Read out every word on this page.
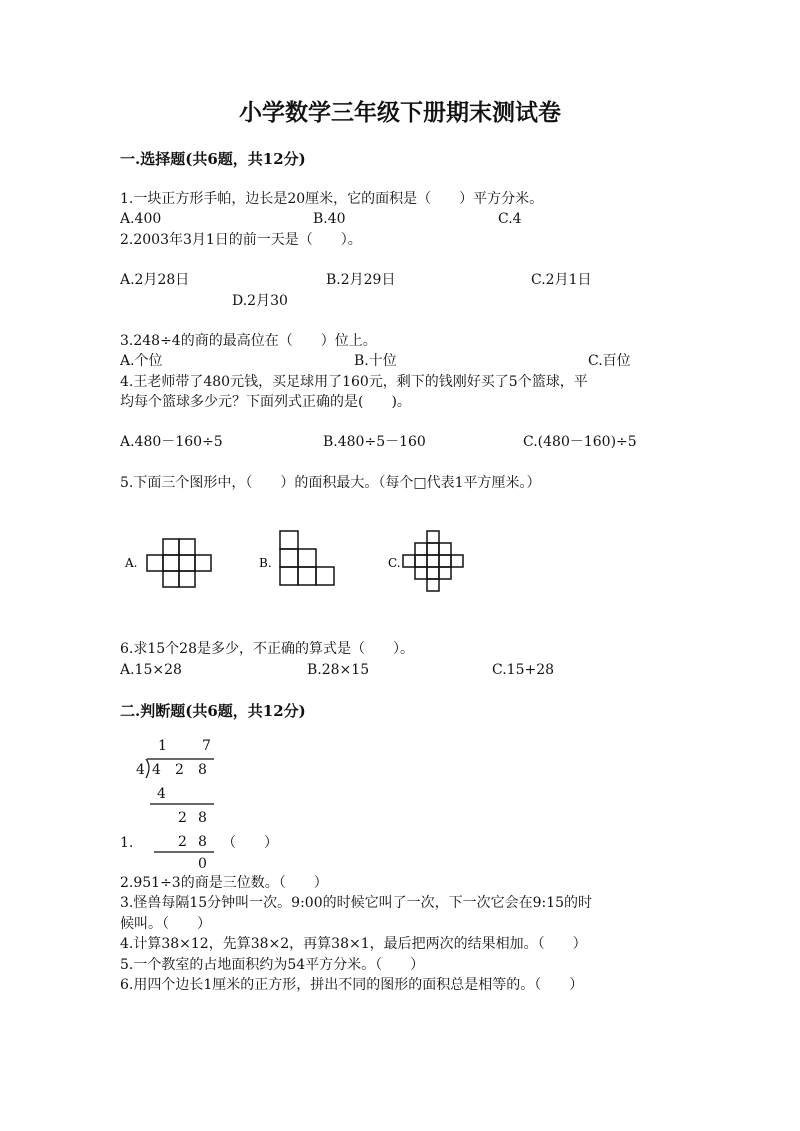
小学数学三年级下册期末测试卷
一.选择题(共6题，共12分)
1.一块正方形手帕，边长是20厘米，它的面积是（　　）平方分米。
A.400	B.40	C.4
2.2003年3月1日的前一天是（　　）。
A.2月28日	B.2月29日	C.2月1日
D.2月30
3.248÷4的商的最高位在（　　）位上。
A.个位	B.十位	C.百位
4.王老师带了480元钱，买足球用了160元，剩下的钱刚好买了5个篮球，平
均每个篮球多少元？下面列式正确的是(　　)。
A.480－160÷5	B.480÷5－160	C.(480－160)÷5
5.下面三个图形中，（　　）的面积最大。（每个□代表1平方厘米。）
A.	B.	C.
6.求15个28是多少，不正确的算式是（　　）。
A.15×28	B.28×15	C.15+28
二.判断题(共6题，共12分)
1	7
4 4 2 8
4
2 8
2 8
0
1.	（　　）
2.951÷3的商是三位数。（　　）
3.怪兽每隔15分钟叫一次。9:00的时候它叫了一次，下一次它会在9:15的时
候叫。（　　）
4.计算38×12，先算38×2，再算38×1，最后把两次的结果相加。（　　）
5.一个教室的占地面积约为54平方分米。（　　）
6.用四个边长1厘米的正方形，拼出不同的图形的面积总是相等的。（　　）
